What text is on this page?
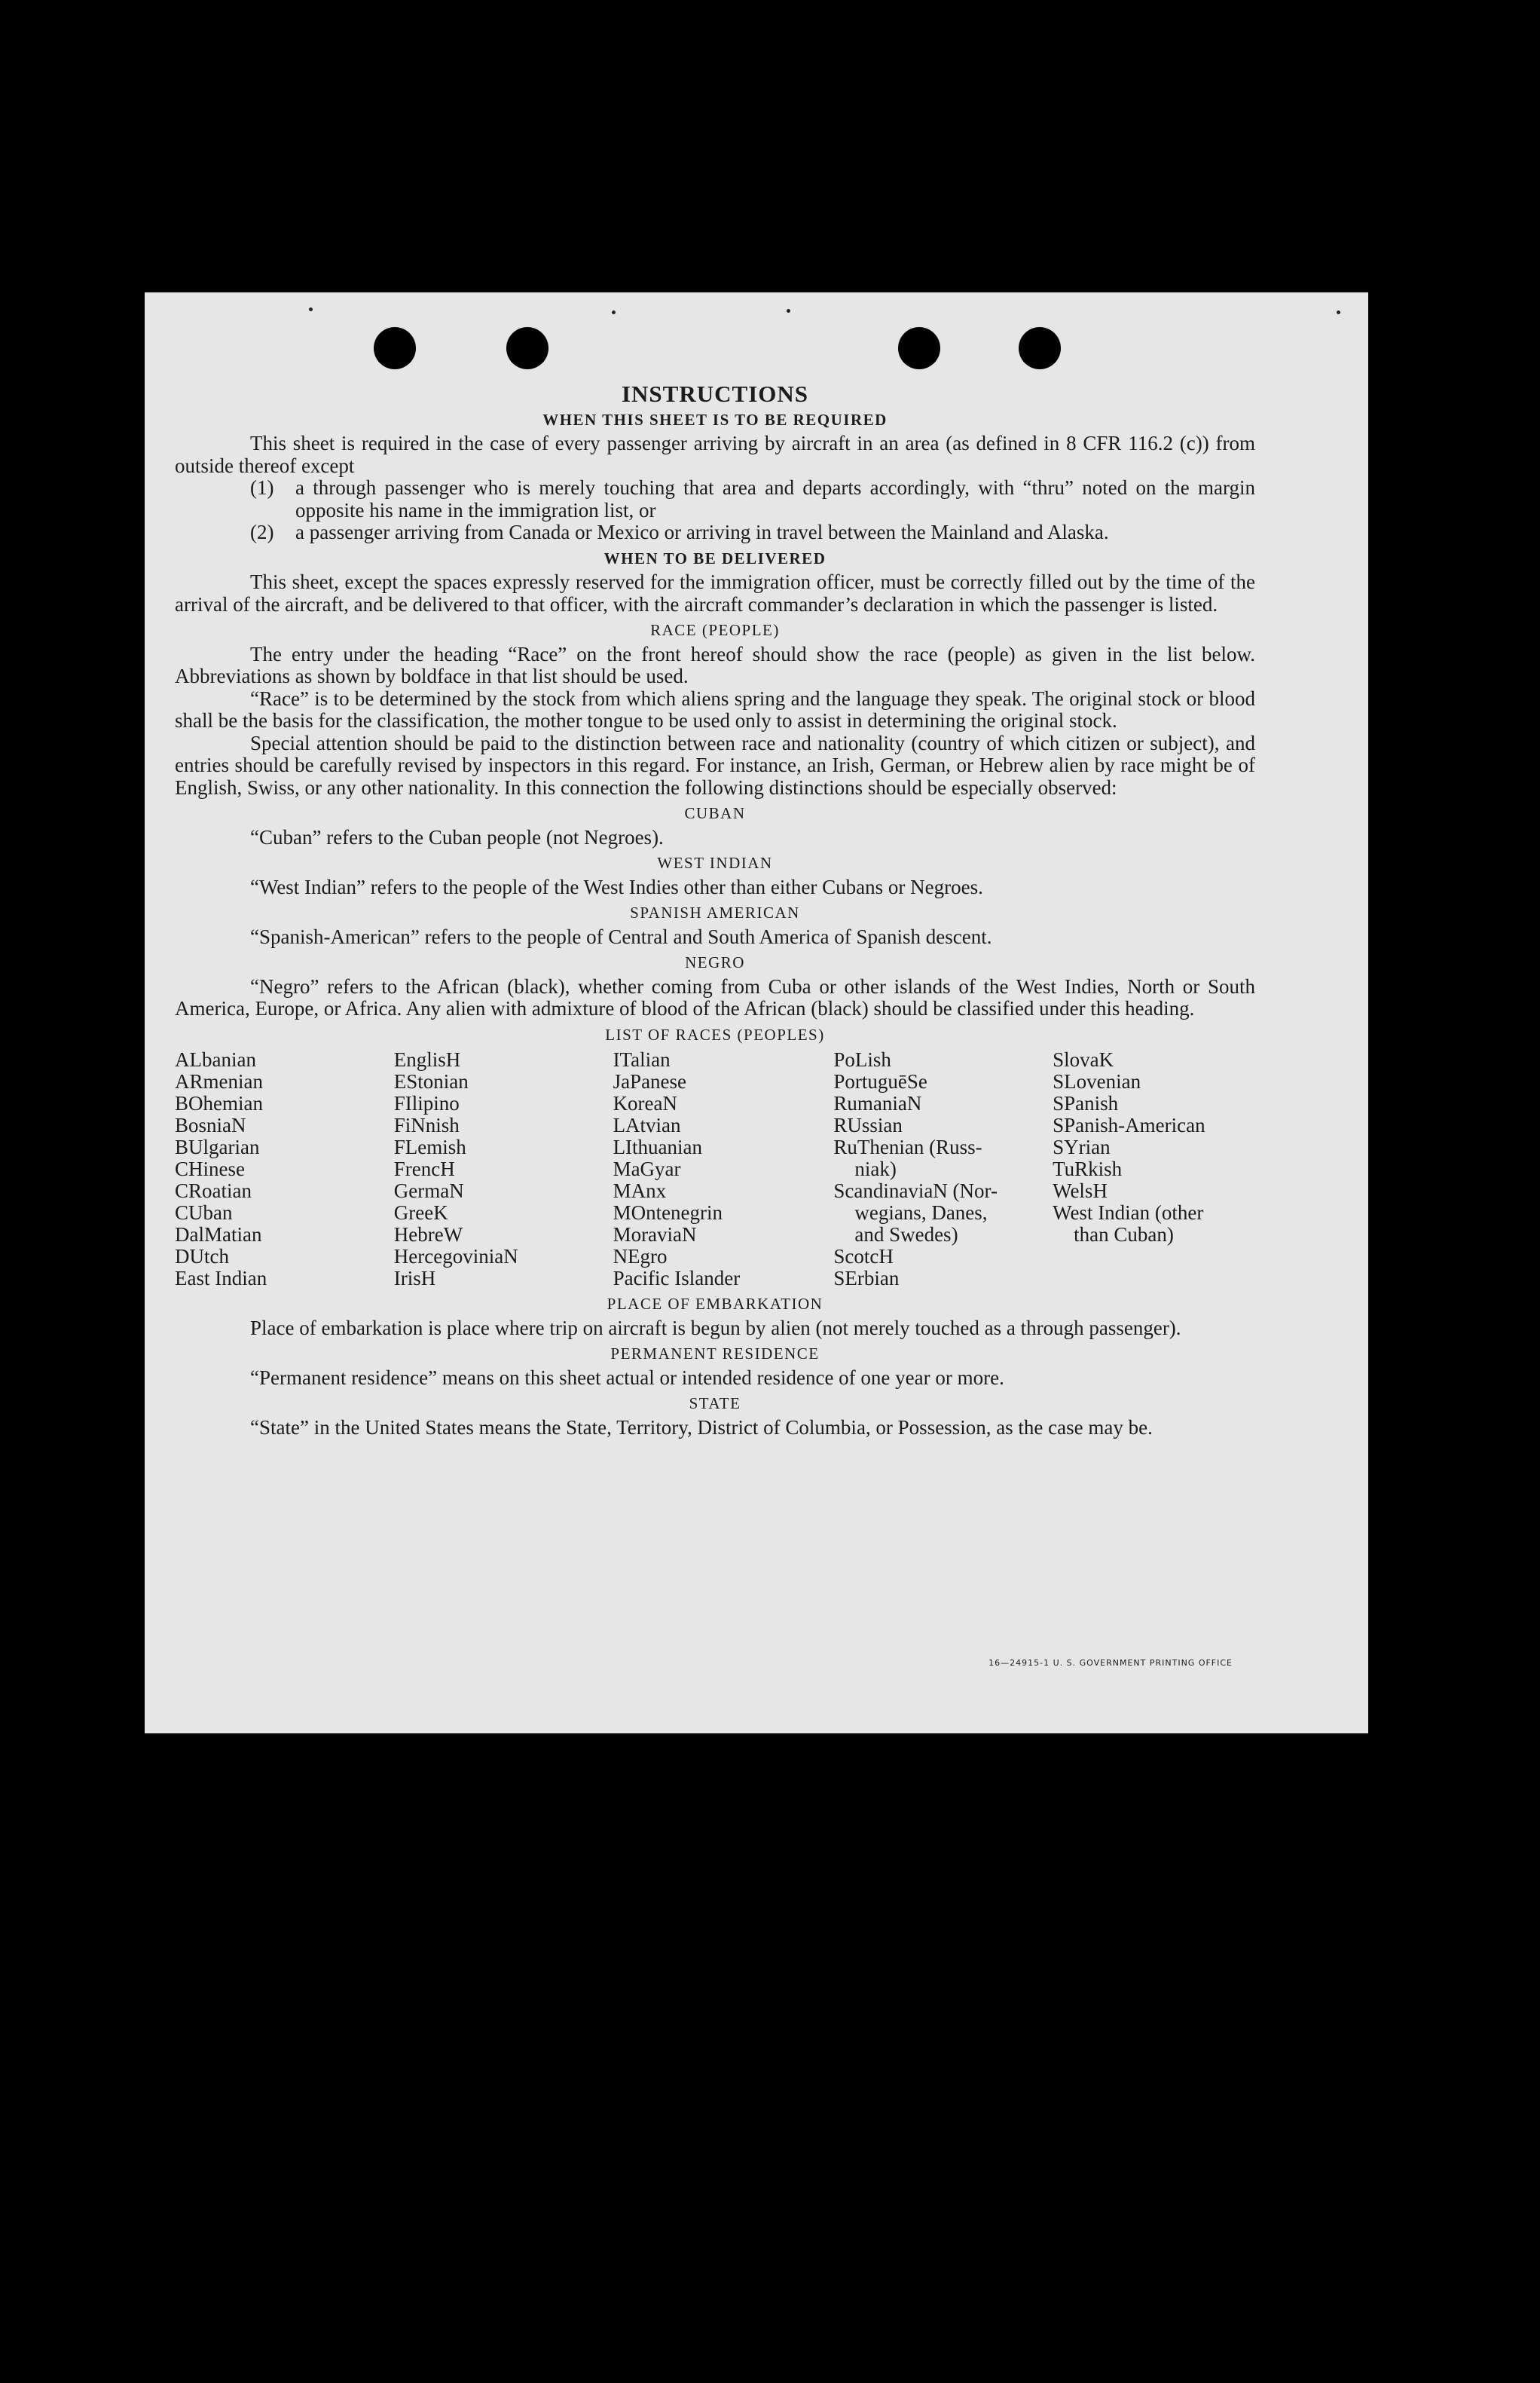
INSTRUCTIONS
WHEN THIS SHEET IS TO BE REQUIRED

This sheet is required in the case of every passenger arriving by aircraft in an area (as defined in 8 CFR 116.2 (c)) from outside thereof except

(1)	a through passenger who is merely touching that area and departs accordingly, with “thru” noted on the margin opposite his name in the immigration list, or
(2)	a passenger arriving from Canada or Mexico or arriving in travel between the Mainland and Alaska.
WHEN TO BE DELIVERED

This sheet, except the spaces expressly reserved for the immigration officer, must be correctly filled out by the time of the arrival of the aircraft, and be delivered to that officer, with the aircraft commander’s declaration in which the passenger is listed.

RACE (PEOPLE)

The entry under the heading “Race” on the front hereof should show the race (people) as given in the list below. Abbreviations as shown by boldface in that list should be used.

“Race” is to be determined by the stock from which aliens spring and the language they speak. The original stock or blood shall be the basis for the classification, the mother tongue to be used only to assist in determining the original stock.

Special attention should be paid to the distinction between race and nationality (country of which citizen or subject), and entries should be carefully revised by inspectors in this regard. For instance, an Irish, German, or Hebrew alien by race might be of English, Swiss, or any other nationality. In this connection the following distinctions should be especially observed:

CUBAN

“Cuban” refers to the Cuban people (not Negroes).

WEST INDIAN

“West Indian” refers to the people of the West Indies other than either Cubans or Negroes.

SPANISH AMERICAN

“Spanish-American” refers to the people of Central and South America of Spanish descent.

NEGRO

“Negro” refers to the African (black), whether coming from Cuba or other islands of the West Indies, North or South America, Europe, or Africa. Any alien with admixture of blood of the African (black) should be classified under this heading.

LIST OF RACES (PEOPLES)
ALbanian
ARmenian
BOhemian
BosniaN
BUlgarian
CHinese
CRoatian
CUban
DalMatian
DUtch
East Indian
EnglisH
EStonian
FIlipino
FiNnish
FLemish
FrencH
GermaN
GreeK
HebreW
HercegoviniaN
IrisH
ITalian
JaPanese
KoreaN
LAtvian
LIthuanian
MaGyar
MAnx
MOntenegrin
MoraviaN
NEgro
Pacific Islander
PoLish
PortuguēSe
RumaniaN
RUssian
RuThenian (Russ-
niak)
ScandinaviaN (Nor-
wegians, Danes,
and Swedes)
ScotcH
SErbian
SlovaK
SLovenian
SPanish
SPanish-American
SYrian
TuRkish
WelsH
West Indian (other
than Cuban)
PLACE OF EMBARKATION

Place of embarkation is place where trip on aircraft is begun by alien (not merely touched as a through passenger).

PERMANENT RESIDENCE

“Permanent residence” means on this sheet actual or intended residence of one year or more.

STATE

“State” in the United States means the State, Territory, District of Columbia, or Possession, as the case may be.

16—24915-1 U. S. GOVERNMENT PRINTING OFFICE
